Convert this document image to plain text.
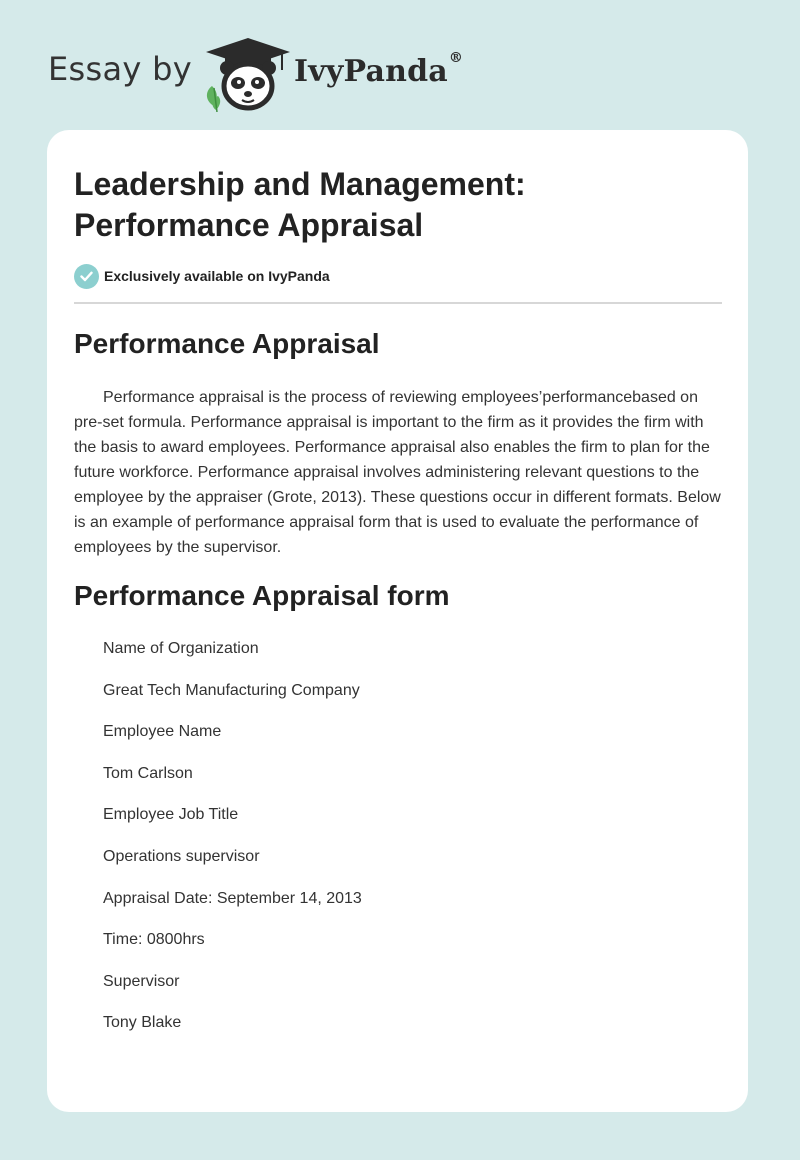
Essay by	IvyPanda®
Leadership and Management:
Performance Appraisal
Exclusively available on IvyPanda
Performance Appraisal

Performance appraisal is the process of reviewing employees’performancebased on pre-set formula. Performance appraisal is important to the firm as it provides the firm with the basis to award employees. Performance appraisal also enables the firm to plan for the future workforce. Performance appraisal involves administering relevant questions to the employee by the appraiser (Grote, 2013). These questions occur in different formats. Below is an example of performance appraisal form that is used to evaluate the performance of employees by the supervisor.

Performance Appraisal form
Name of Organization
Great Tech Manufacturing Company
Employee Name
Tom Carlson
Employee Job Title
Operations supervisor
Appraisal Date: September 14, 2013
Time: 0800hrs
Supervisor
Tony Blake
